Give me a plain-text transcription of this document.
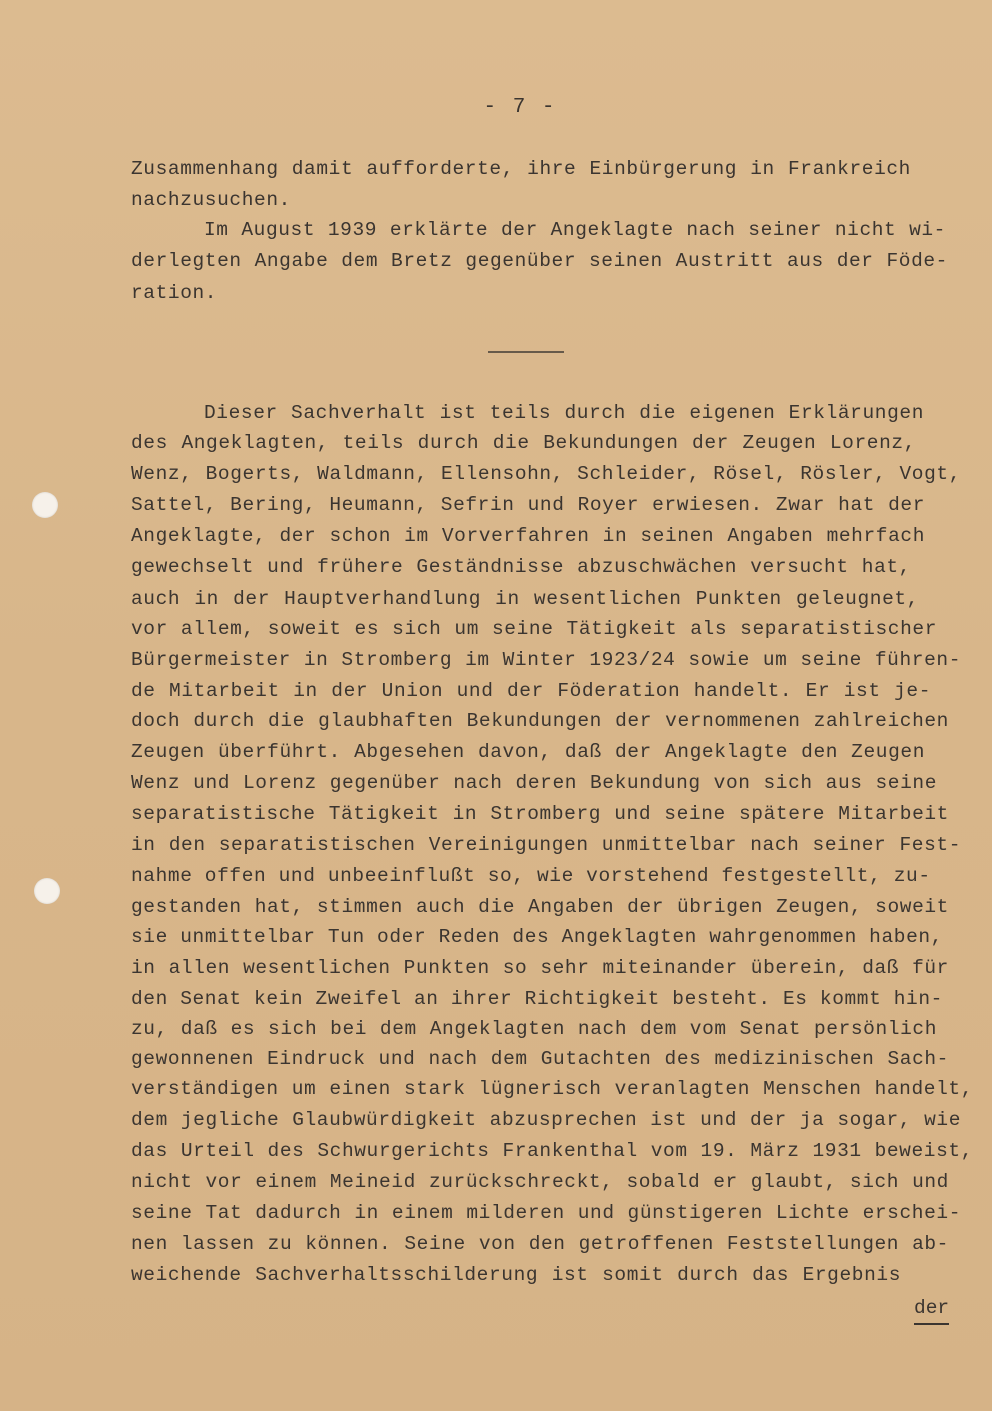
- 7 -
Zusammenhang damit aufforderte, ihre Einbürgerung in Frankreich
nachzusuchen.
Im August 1939 erklärte der Angeklagte nach seiner nicht wi-
derlegten Angabe dem Bretz gegenüber seinen Austritt aus der Föde-
ration.
Dieser Sachverhalt ist teils durch die eigenen Erklärungen
des Angeklagten, teils durch die Bekundungen der Zeugen Lorenz,
Wenz, Bogerts, Waldmann, Ellensohn, Schleider, Rösel, Rösler, Vogt,
Sattel, Bering, Heumann, Sefrin und Royer erwiesen. Zwar hat der
Angeklagte, der schon im Vorverfahren in seinen Angaben mehrfach
gewechselt und frühere Geständnisse abzuschwächen versucht hat,
auch in der Hauptverhandlung in wesentlichen Punkten geleugnet,
vor allem, soweit es sich um seine Tätigkeit als separatistischer
Bürgermeister in Stromberg im Winter 1923/24 sowie um seine führen-
de Mitarbeit in der Union und der Föderation handelt. Er ist je-
doch durch die glaubhaften Bekundungen der vernommenen zahlreichen
Zeugen überführt. Abgesehen davon, daß der Angeklagte den Zeugen
Wenz und Lorenz gegenüber nach deren Bekundung von sich aus seine
separatistische Tätigkeit in Stromberg und seine spätere Mitarbeit
in den separatistischen Vereinigungen unmittelbar nach seiner Fest-
nahme offen und unbeeinflußt so, wie vorstehend festgestellt, zu-
gestanden hat, stimmen auch die Angaben der übrigen Zeugen, soweit
sie unmittelbar Tun oder Reden des Angeklagten wahrgenommen haben,
in allen wesentlichen Punkten so sehr miteinander überein, daß für
den Senat kein Zweifel an ihrer Richtigkeit besteht. Es kommt hin-
zu, daß es sich bei dem Angeklagten nach dem vom Senat persönlich
gewonnenen Eindruck und nach dem Gutachten des medizinischen Sach-
verständigen um einen stark lügnerisch veranlagten Menschen handelt,
dem jegliche Glaubwürdigkeit abzusprechen ist und der ja sogar, wie
das Urteil des Schwurgerichts Frankenthal vom 19. März 1931 beweist,
nicht vor einem Meineid zurückschreckt, sobald er glaubt, sich und
seine Tat dadurch in einem milderen und günstigeren Lichte erschei-
nen lassen zu können. Seine von den getroffenen Feststellungen ab-
weichende Sachverhaltsschilderung ist somit durch das Ergebnis
der
